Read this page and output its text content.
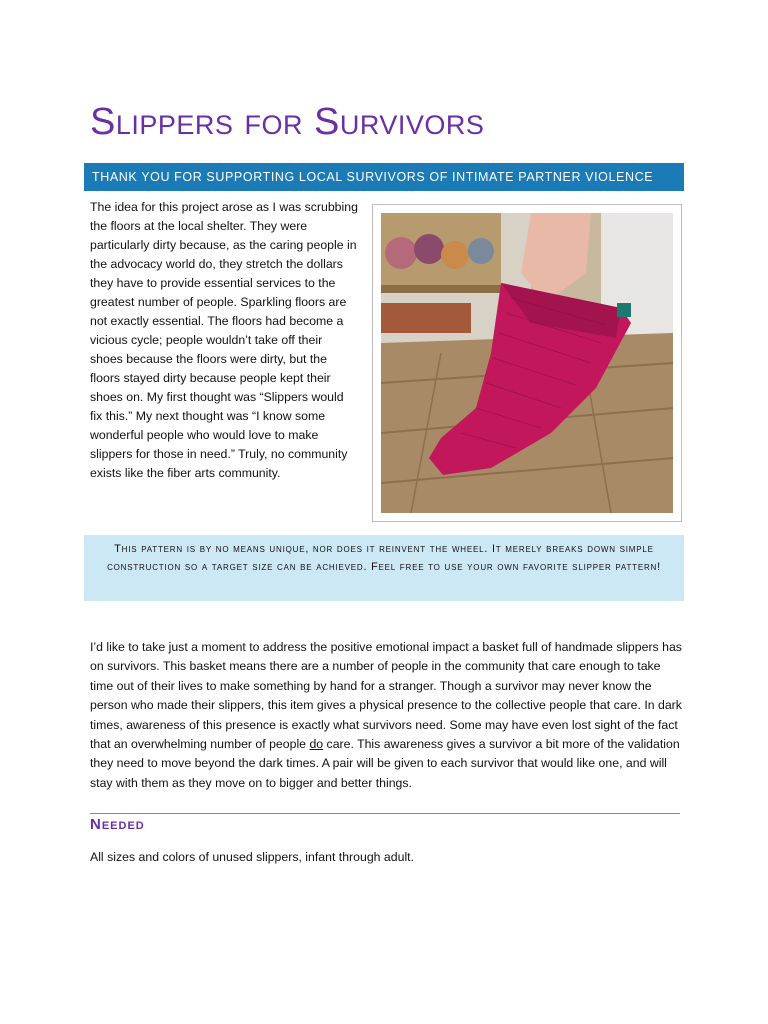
Slippers for Survivors
THANK YOU FOR SUPPORTING LOCAL SURVIVORS OF INTIMATE PARTNER VIOLENCE
The idea for this project arose as I was scrubbing the floors at the local shelter. They were particularly dirty because, as the caring people in the advocacy world do, they stretch the dollars they have to provide essential services to the greatest number of people. Sparkling floors are not exactly essential. The floors had become a vicious cycle; people wouldn’t take off their shoes because the floors were dirty, but the floors stayed dirty because people kept their shoes on. My first thought was “Slippers would fix this.” My next thought was “I know some wonderful people who would love to make slippers for those in need.” Truly, no community exists like the fiber arts community.
This pattern is by no means unique, nor does it reinvent the wheel. It merely breaks down simple construction so a target size can be achieved. Feel free to use your own favorite slipper pattern!
I’d like to take just a moment to address the positive emotional impact a basket full of handmade slippers has on survivors. This basket means there are a number of people in the community that care enough to take time out of their lives to make something by hand for a stranger. Though a survivor may never know the person who made their slippers, this item gives a physical presence to the collective people that care. In dark times, awareness of this presence is exactly what survivors need. Some may have even lost sight of the fact that an overwhelming number of people do care. This awareness gives a survivor a bit more of the validation they need to move beyond the dark times. A pair will be given to each survivor that would like one, and will stay with them as they move on to bigger and better things.
Needed
All sizes and colors of unused slippers, infant through adult.
